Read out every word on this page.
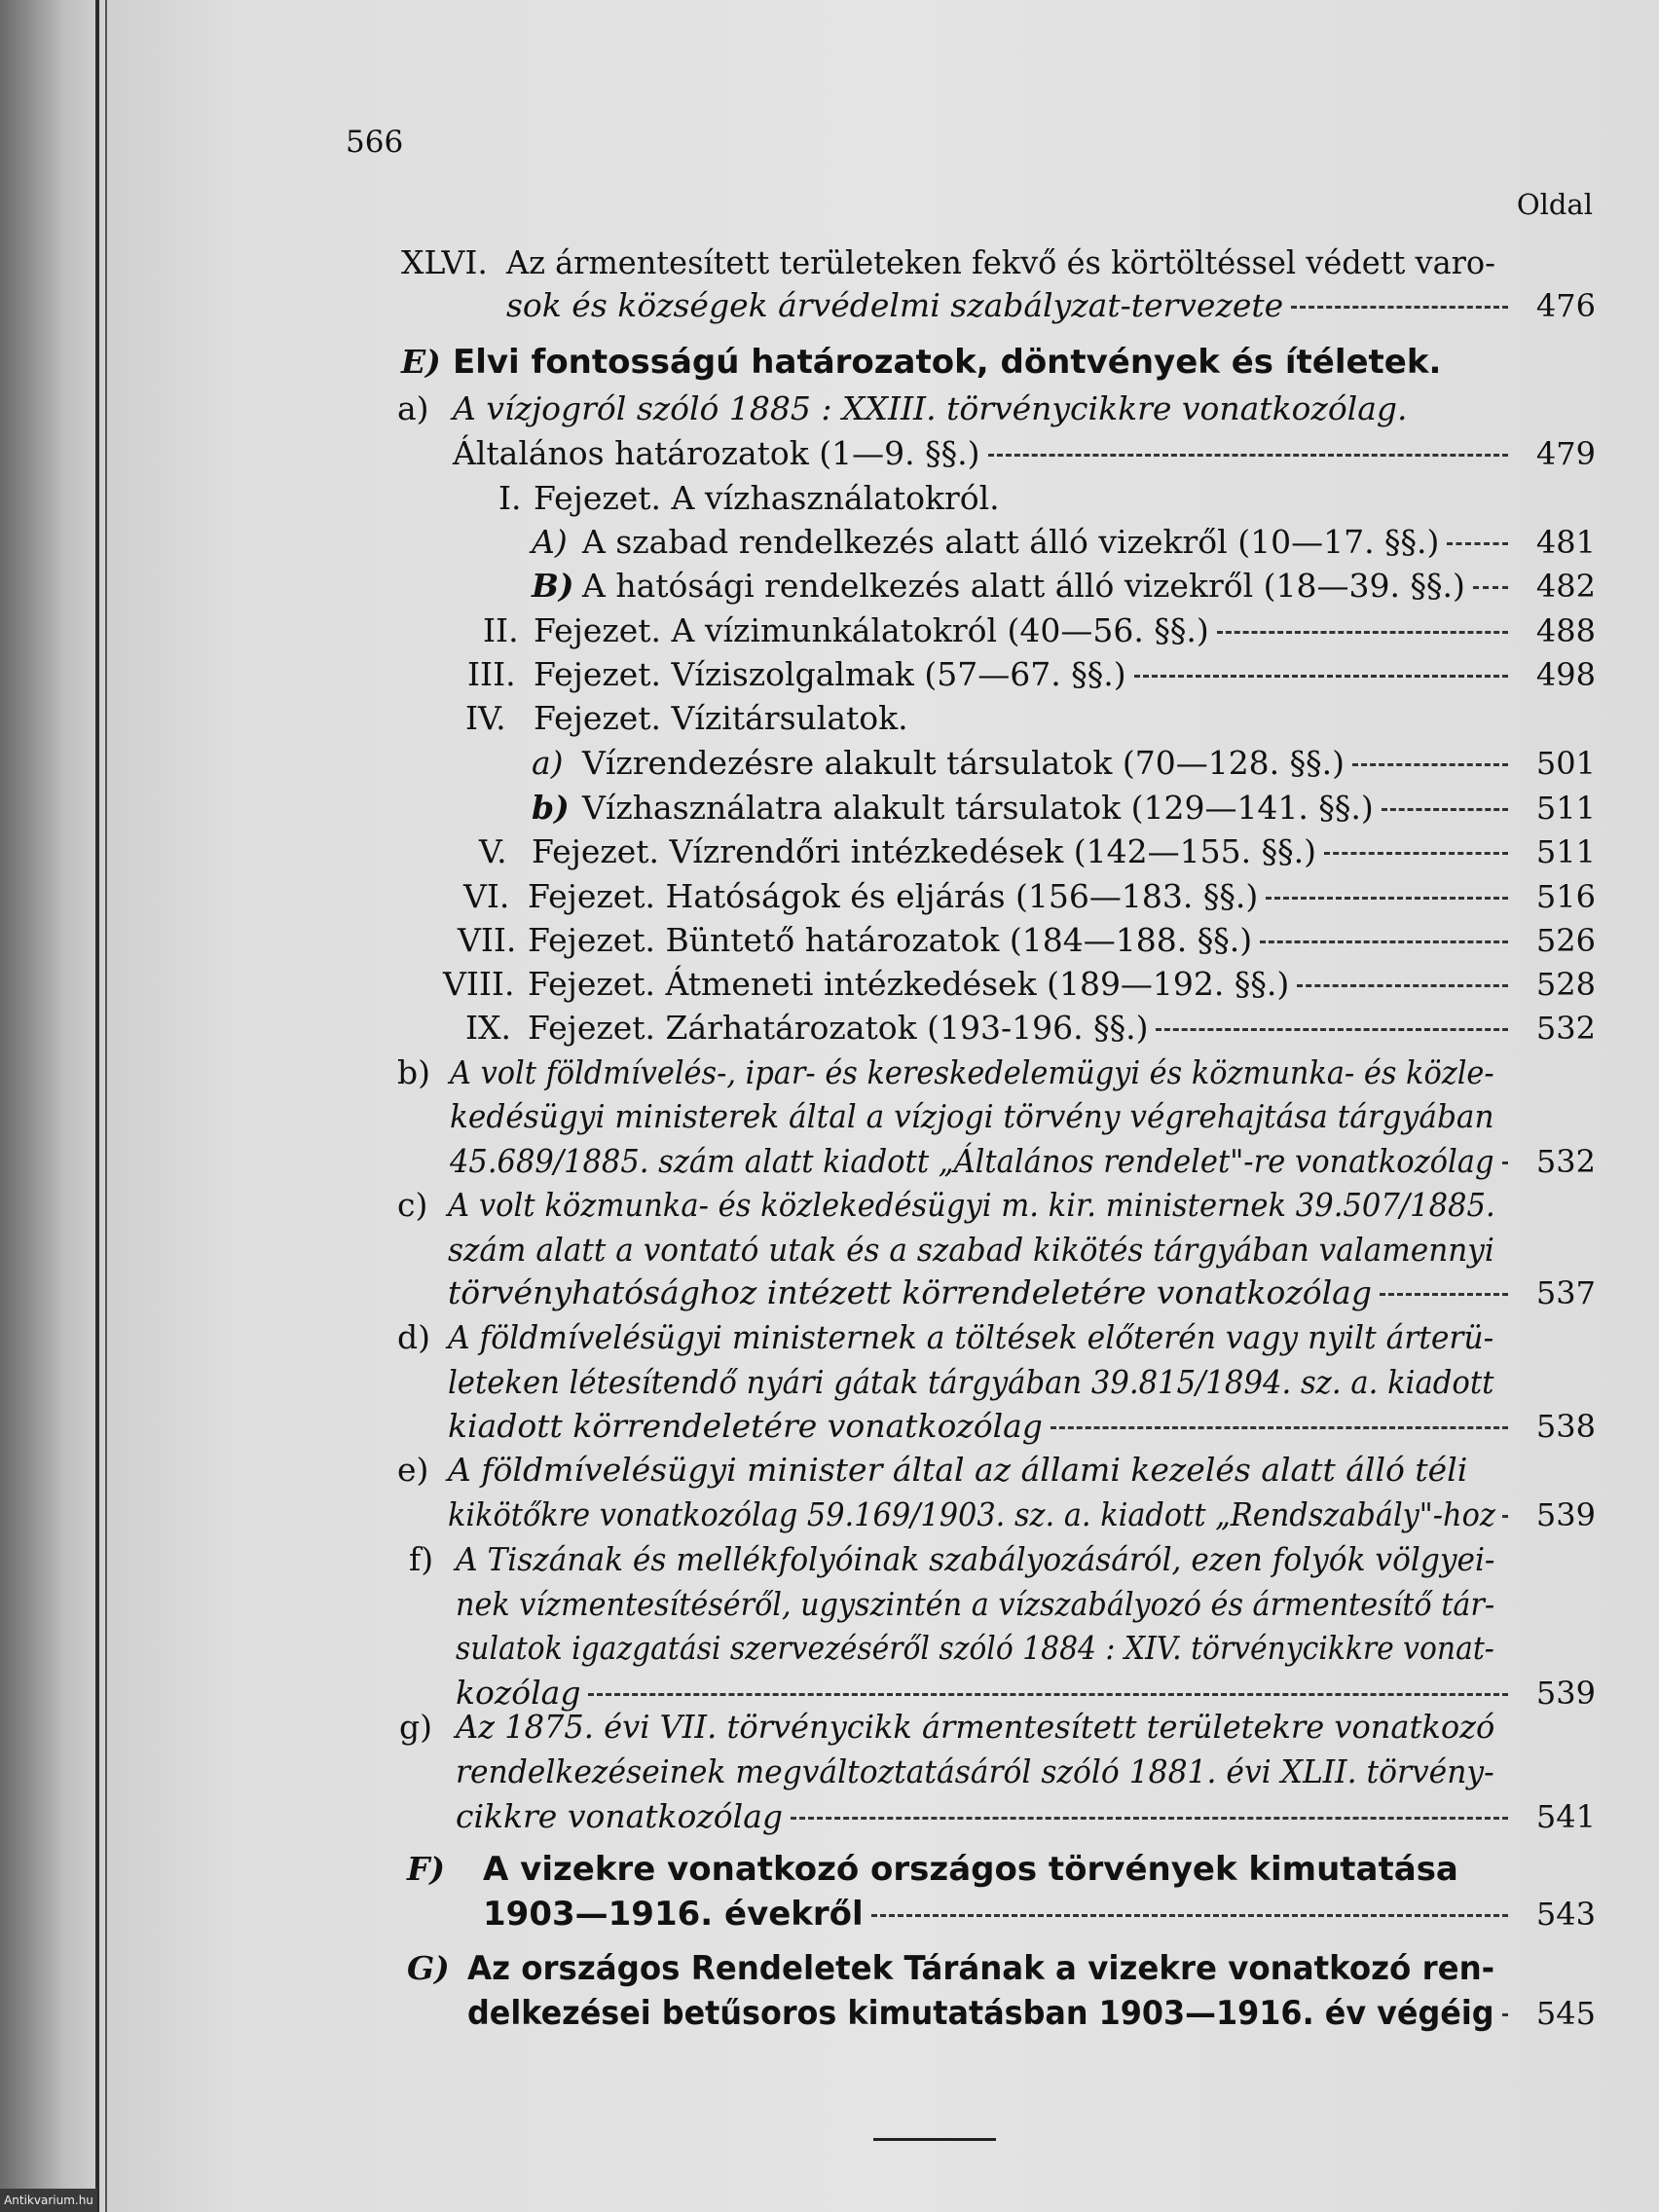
566
Oldal
XLVI. Az ármentesített területeken fekvő és körtöltéssel védett varo-
sok és községek árvédelmi szabályzat-tervezete	476
E) Elvi fontosságú határozatok, döntvények és ítéletek.
a) A vízjogról szóló 1885 : XXIII. törvénycikkre vonatkozólag.
Általános határozatok (1—9. §§.)	479
I. Fejezet. A vízhasználatokról.
A) A szabad rendelkezés alatt álló vizekről (10—17. §§.)	481
B) A hatósági rendelkezés alatt álló vizekről (18—39. §§.)	482
II. Fejezet. A vízimunkálatokról (40—56. §§.)	488
III. Fejezet. Víziszolgalmak (57—67. §§.)	498
IV. Fejezet. Vízitársulatok.
a) Vízrendezésre alakult társulatok (70—128. §§.)	501
b) Vízhasználatra alakult társulatok (129—141. §§.)	511
V. Fejezet. Vízrendőri intézkedések (142—155. §§.)	511
VI. Fejezet. Hatóságok és eljárás (156—183. §§.)	516
VII. Fejezet. Büntető határozatok (184—188. §§.)	526
VIII. Fejezet. Átmeneti intézkedések (189—192. §§.)	528
IX. Fejezet. Zárhatározatok (193-196. §§.)	532
b) A volt földmívelés-, ipar- és kereskedelemügyi és közmunka- és közle-
kedésügyi ministerek által a vízjogi törvény végrehajtása tárgyában
45.689/1885. szám alatt kiadott „Általános rendelet"-re vonatkozólag	532
c) A volt közmunka- és közlekedésügyi m. kir. ministernek 39.507/1885.
szám alatt a vontató utak és a szabad kikötés tárgyában valamennyi
törvényhatósághoz intézett körrendeletére vonatkozólag	537
d) A földmívelésügyi ministernek a töltések előterén vagy nyilt árterü-
leteken létesítendő nyári gátak tárgyában 39.815/1894. sz. a. kiadott
kiadott körrendeletére vonatkozólag	538
e) A földmívelésügyi minister által az állami kezelés alatt álló téli
kikötőkre vonatkozólag 59.169/1903. sz. a. kiadott „Rendszabály"-hoz	539
f) A Tiszának és mellékfolyóinak szabályozásáról, ezen folyók völgyei-
nek vízmentesítéséről, ugyszintén a vízszabályozó és ármentesítő tár-
sulatok igazgatási szervezéséről szóló 1884 : XIV. törvénycikkre vonat-
kozólag	539
g) Az 1875. évi VII. törvénycikk ármentesített területekre vonatkozó
rendelkezéseinek megváltoztatásáról szóló 1881. évi XLII. törvény-
cikkre vonatkozólag	541
F) A vizekre vonatkozó országos törvények kimutatása
1903—1916. évekről	543
G) Az országos Rendeletek Tárának a vizekre vonatkozó ren-
delkezései betűsoros kimutatásban 1903—1916. év végéig	545
Antikvarium.hu
